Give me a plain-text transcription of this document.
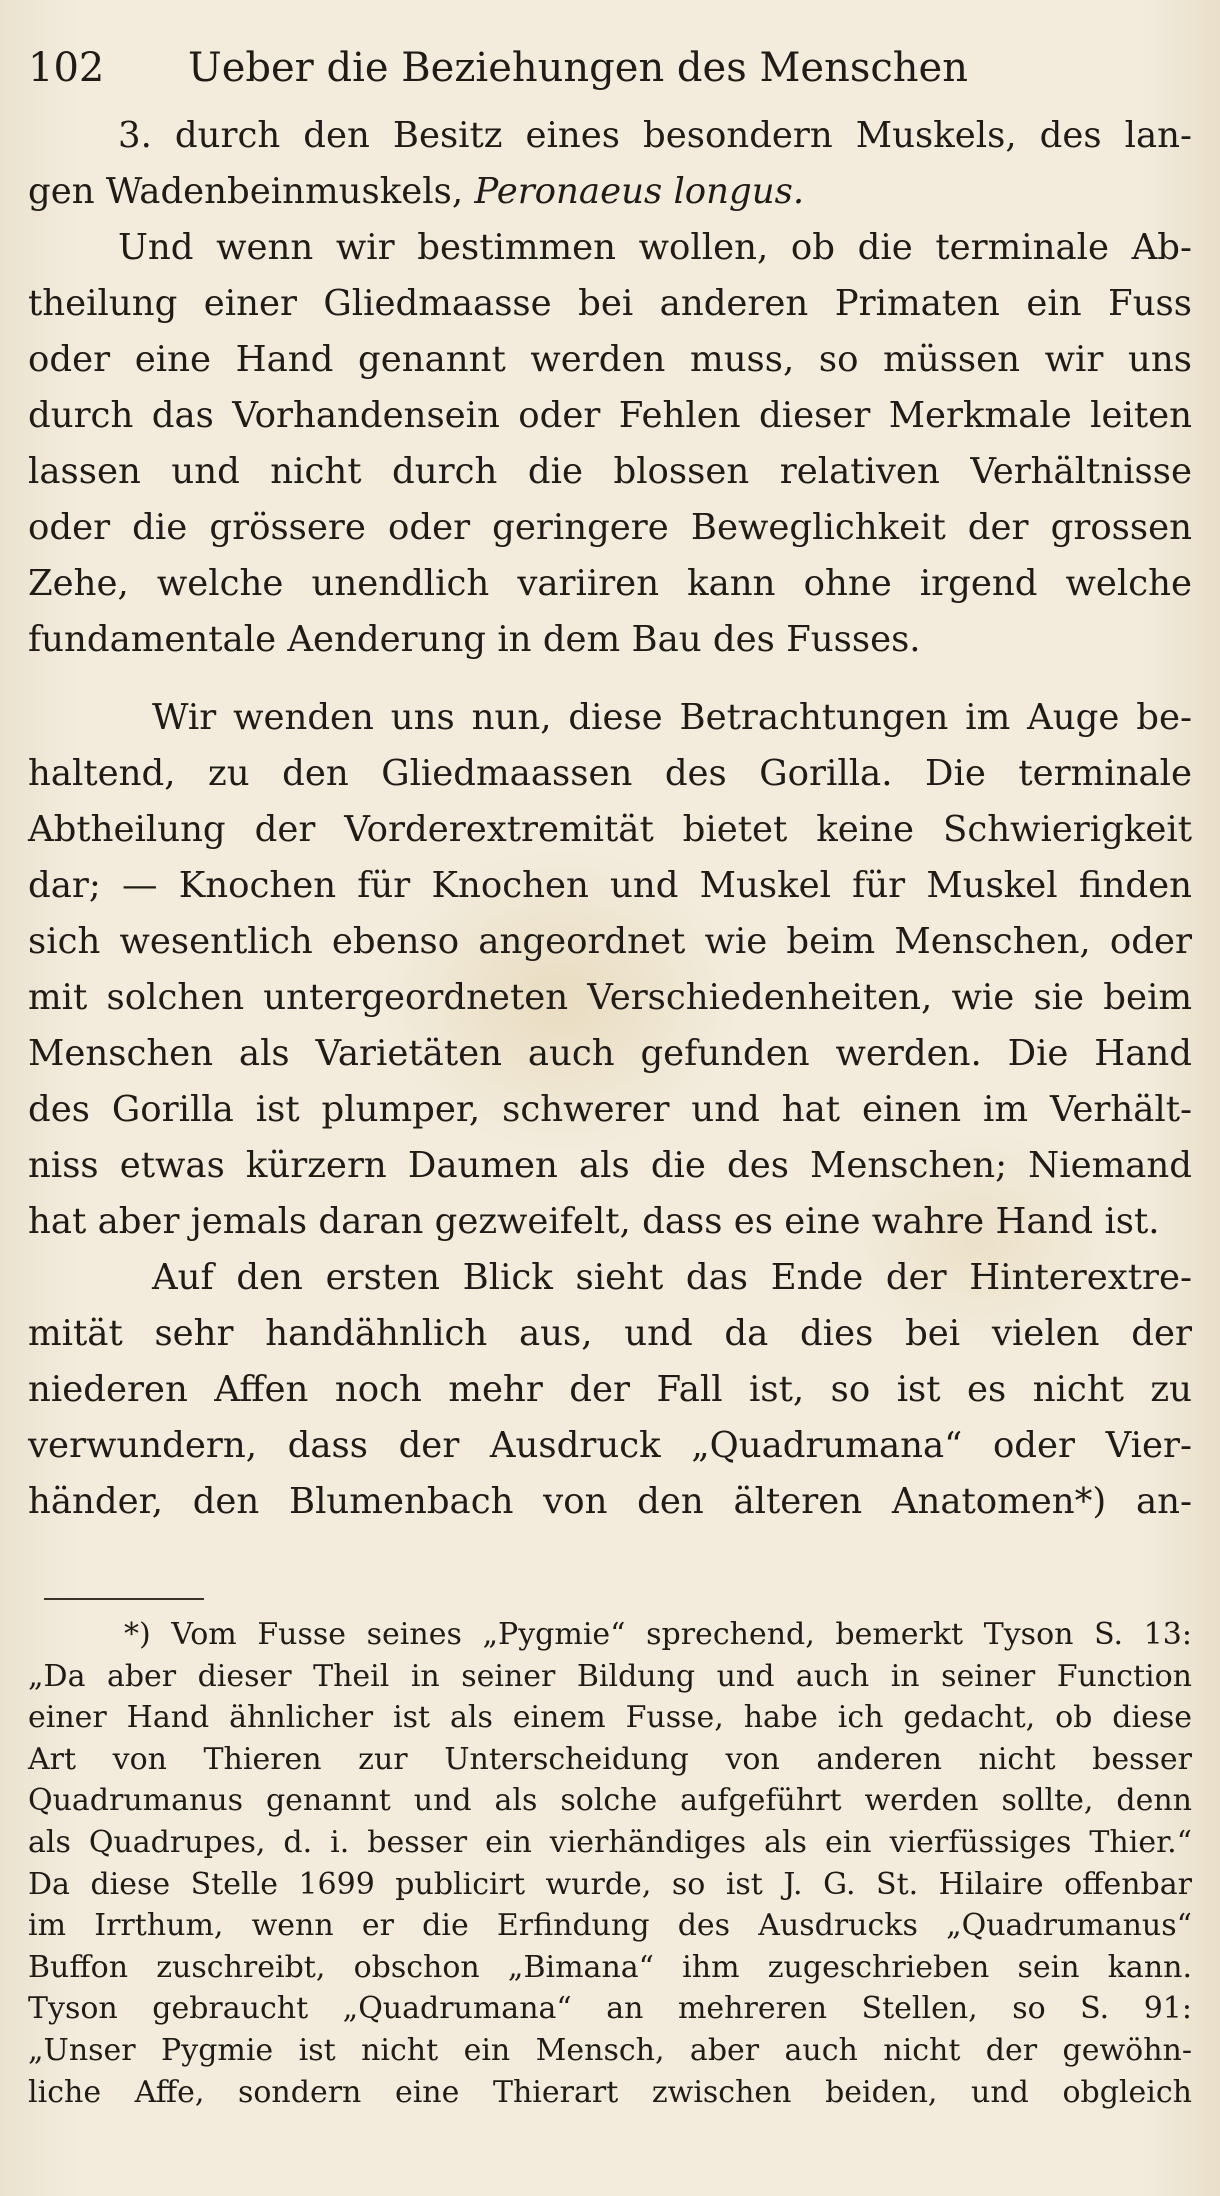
102 Ueber die Beziehungen des Menschen
3. durch den Besitz eines besondern Muskels, des lan-
gen Wadenbeinmuskels, Peronaeus longus.
Und wenn wir bestimmen wollen, ob die terminale Ab-
theilung einer Gliedmaasse bei anderen Primaten ein Fuss
oder eine Hand genannt werden muss, so müssen wir uns
durch das Vorhandensein oder Fehlen dieser Merkmale leiten
lassen und nicht durch die blossen relativen Verhältnisse
oder die grössere oder geringere Beweglichkeit der grossen
Zehe, welche unendlich variiren kann ohne irgend welche
fundamentale Aenderung in dem Bau des Fusses.
Wir wenden uns nun, diese Betrachtungen im Auge be-
haltend, zu den Gliedmaassen des Gorilla. Die terminale
Abtheilung der Vorderextremität bietet keine Schwierigkeit
dar; — Knochen für Knochen und Muskel für Muskel finden
sich wesentlich ebenso angeordnet wie beim Menschen, oder
mit solchen untergeordneten Verschiedenheiten, wie sie beim
Menschen als Varietäten auch gefunden werden. Die Hand
des Gorilla ist plumper, schwerer und hat einen im Verhält-
niss etwas kürzern Daumen als die des Menschen; Niemand
hat aber jemals daran gezweifelt, dass es eine wahre Hand ist.
Auf den ersten Blick sieht das Ende der Hinterextre-
mität sehr handähnlich aus, und da dies bei vielen der
niederen Affen noch mehr der Fall ist, so ist es nicht zu
verwundern, dass der Ausdruck „Quadrumana“ oder Vier-
händer, den Blumenbach von den älteren Anatomen*) an-
*) Vom Fusse seines „Pygmie“ sprechend, bemerkt Tyson S. 13:
„Da aber dieser Theil in seiner Bildung und auch in seiner Function
einer Hand ähnlicher ist als einem Fusse, habe ich gedacht, ob diese
Art von Thieren zur Unterscheidung von anderen nicht besser
Quadrumanus genannt und als solche aufgeführt werden sollte, denn
als Quadrupes, d. i. besser ein vierhändiges als ein vierfüssiges Thier.“
Da diese Stelle 1699 publicirt wurde, so ist J. G. St. Hilaire offenbar
im Irrthum, wenn er die Erfindung des Ausdrucks „Quadrumanus“
Buffon zuschreibt, obschon „Bimana“ ihm zugeschrieben sein kann.
Tyson gebraucht „Quadrumana“ an mehreren Stellen, so S. 91:
„Unser Pygmie ist nicht ein Mensch, aber auch nicht der gewöhn-
liche Affe, sondern eine Thierart zwischen beiden, und obgleich
